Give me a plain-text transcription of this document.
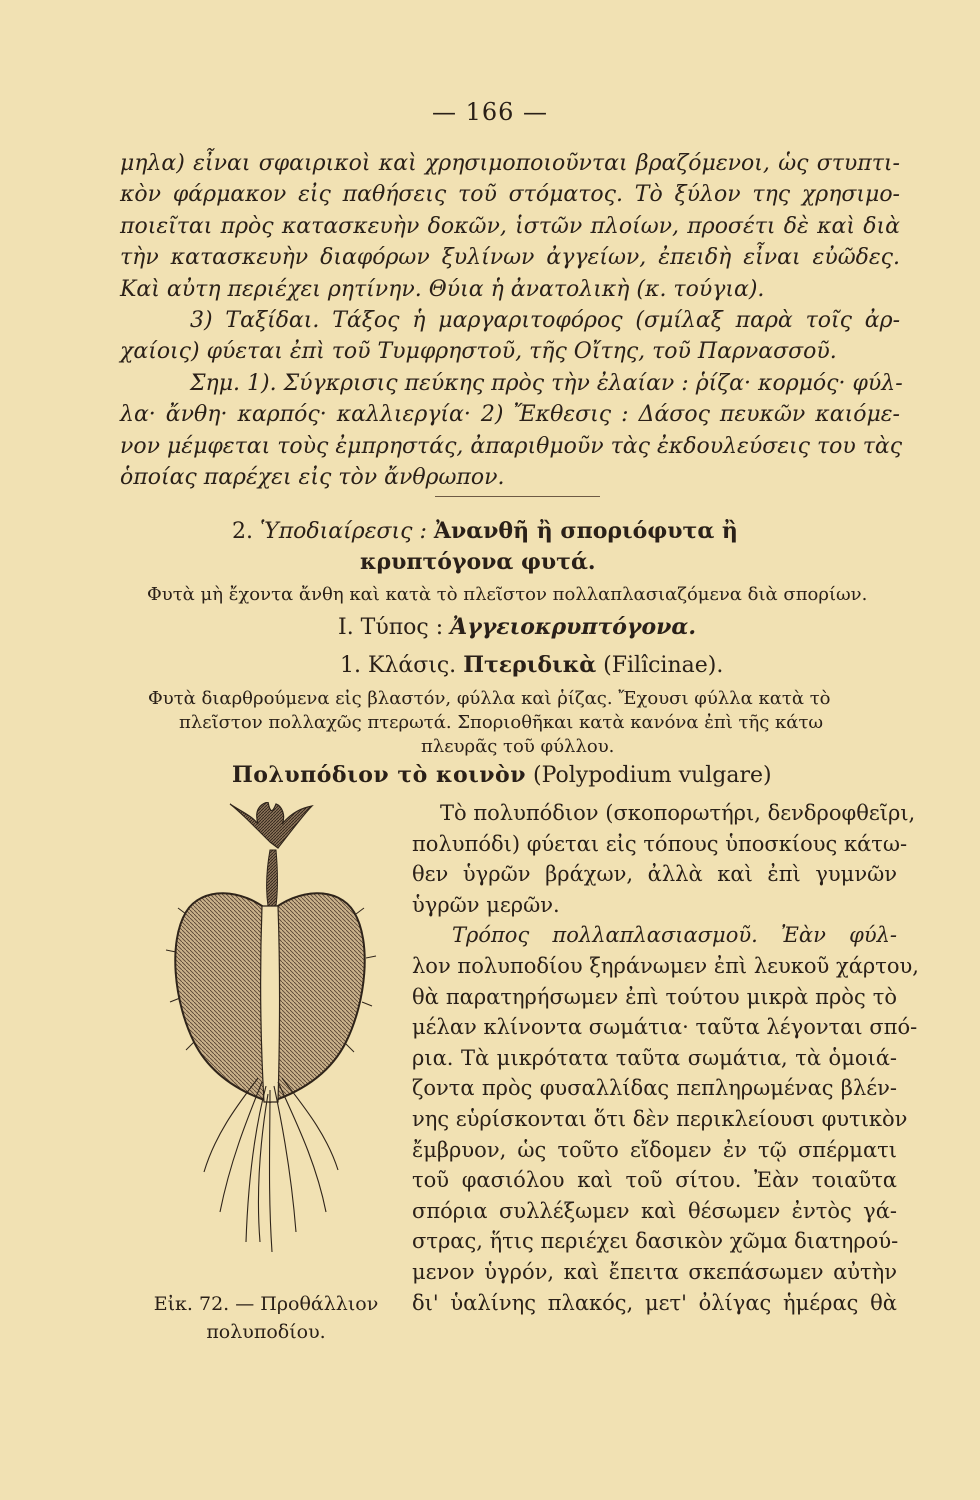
— 166 —
μηλα) εἶναι σφαιρικοὶ καὶ χρησιμοποιοῦνται βραζόμενοι, ὡς στυπτι-
κὸν φάρμακον εἰς παθήσεις τοῦ στόματος. Τὸ ξύλον της χρησιμο-
ποιεῖται πρὸς κατασκευὴν δοκῶν, ἱστῶν πλοίων, προσέτι δὲ καὶ διὰ
τὴν κατασκευὴν διαφόρων ξυλίνων ἀγγείων, ἐπειδὴ εἶναι εὐῶδες.
Καὶ αὐτη περιέχει ρητίνην. Θύια ἡ ἀνατολικὴ (κ. τούγια).
3) Ταξίδαι. Τάξος ἡ μαργαριτοφόρος (σμίλαξ παρὰ τοῖς ἀρ-
χαίοις) φύεται ἐπὶ τοῦ Τυμφρηστοῦ, τῆς Οἴτης, τοῦ Παρνασσοῦ.
Σημ. 1). Σύγκρισις πεύκης πρὸς τὴν ἐλαίαν : ῥίζα· κορμός· φύλ-
λα· ἄνθη· καρπός· καλλιεργία· 2) Ἔκθεσις : Δάσος πευκῶν καιόμε-
νον μέμφεται τοὺς ἐμπρηστάς, ἀπαριθμοῦν τὰς ἐκδουλεύσεις του τὰς
ὁποίας παρέχει εἰς τὸν ἄνθρωπον.
2. Ὑποδιαίρεσις : Ἀνανθῆ ἢ σποριόφυτα ἢ
κρυπτόγονα φυτά.
Φυτὰ μὴ ἔχοντα ἄνθη καὶ κατὰ τὸ πλεῖστον πολλαπλασιαζόμενα διὰ σπορίων.
I. Τύπος : Ἀγγειοκρυπτόγονα.
1. Κλάσις. Πτεριδικὰ (Filîcinae).
Φυτὰ διαρθρούμενα εἰς βλαστόν, φύλλα καὶ ῥίζας. Ἔχουσι φύλλα κατὰ τὸ
πλεῖστον πολλαχῶς πτερωτά. Σποριοθῆκαι κατὰ κανόνα ἐπὶ τῆς κάτω
πλευρᾶς τοῦ φύλλου.
Πολυπόδιον τὸ κοινὸν (Polypodium vulgare)
Τὸ πολυπόδιον (σκοπορωτήρι, δενδροφθεῖρι,
πολυπόδι) φύεται εἰς τόπους ὑποσκίους κάτω-
θεν ὑγρῶν βράχων, ἀλλὰ καὶ ἐπὶ γυμνῶν
ὑγρῶν μερῶν.
Τρόπος πολλαπλασιασμοῦ. Ἐὰν φύλ-
λον πολυποδίου ξηράνωμεν ἐπὶ λευκοῦ χάρτου,
θὰ παρατηρήσωμεν ἐπὶ τούτου μικρὰ πρὸς τὸ
μέλαν κλίνοντα σωμάτια· ταῦτα λέγονται σπό-
ρια. Τὰ μικρότατα ταῦτα σωμάτια, τὰ ὁμοιά-
ζοντα πρὸς φυσαλλίδας πεπληρωμένας βλέν-
νης εὑρίσκονται ὅτι δὲν περικλείουσι φυτικὸν
ἔμβρυον, ὡς τοῦτο εἴδομεν ἐν τῷ σπέρματι
τοῦ φασιόλου καὶ τοῦ σίτου. Ἐὰν τοιαῦτα
σπόρια συλλέξωμεν καὶ θέσωμεν ἐντὸς γά-
στρας, ἥτις περιέχει δασικὸν χῶμα διατηρού-
μενον ὑγρόν, καὶ ἔπειτα σκεπάσωμεν αὐτὴν
δι' ὑαλίνης πλακός, μετ' ὀλίγας ἡμέρας θὰ
Εἰκ. 72. — Προθάλλιον
πολυποδίου.
